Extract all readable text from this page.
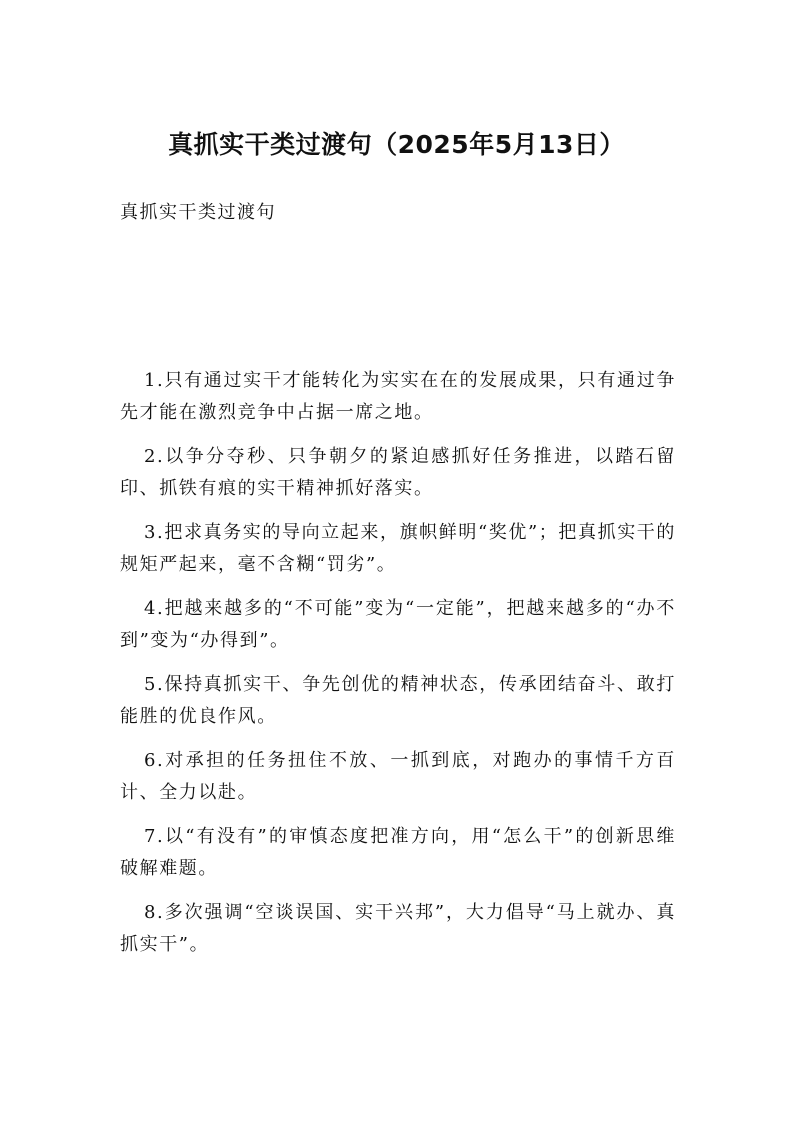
真抓实干类过渡句（2025年5月13日）

真抓实干类过渡句

1.只有通过实干才能转化为实实在在的发展成果，只有通过争先才能在激烈竞争中占据一席之地。
2.以争分夺秒、只争朝夕的紧迫感抓好任务推进，以踏石留印、抓铁有痕的实干精神抓好落实。
3.把求真务实的导向立起来，旗帜鲜明“奖优”；把真抓实干的规矩严起来，毫不含糊“罚劣”。
4.把越来越多的“不可能”变为“一定能”，把越来越多的“办不到”变为“办得到”。
5.保持真抓实干、争先创优的精神状态，传承团结奋斗、敢打能胜的优良作风。
6.对承担的任务扭住不放、一抓到底，对跑办的事情千方百计、全力以赴。
7.以“有没有”的审慎态度把准方向，用“怎么干”的创新思维破解难题。
8.多次强调“空谈误国、实干兴邦”，大力倡导“马上就办、真抓实干”。
